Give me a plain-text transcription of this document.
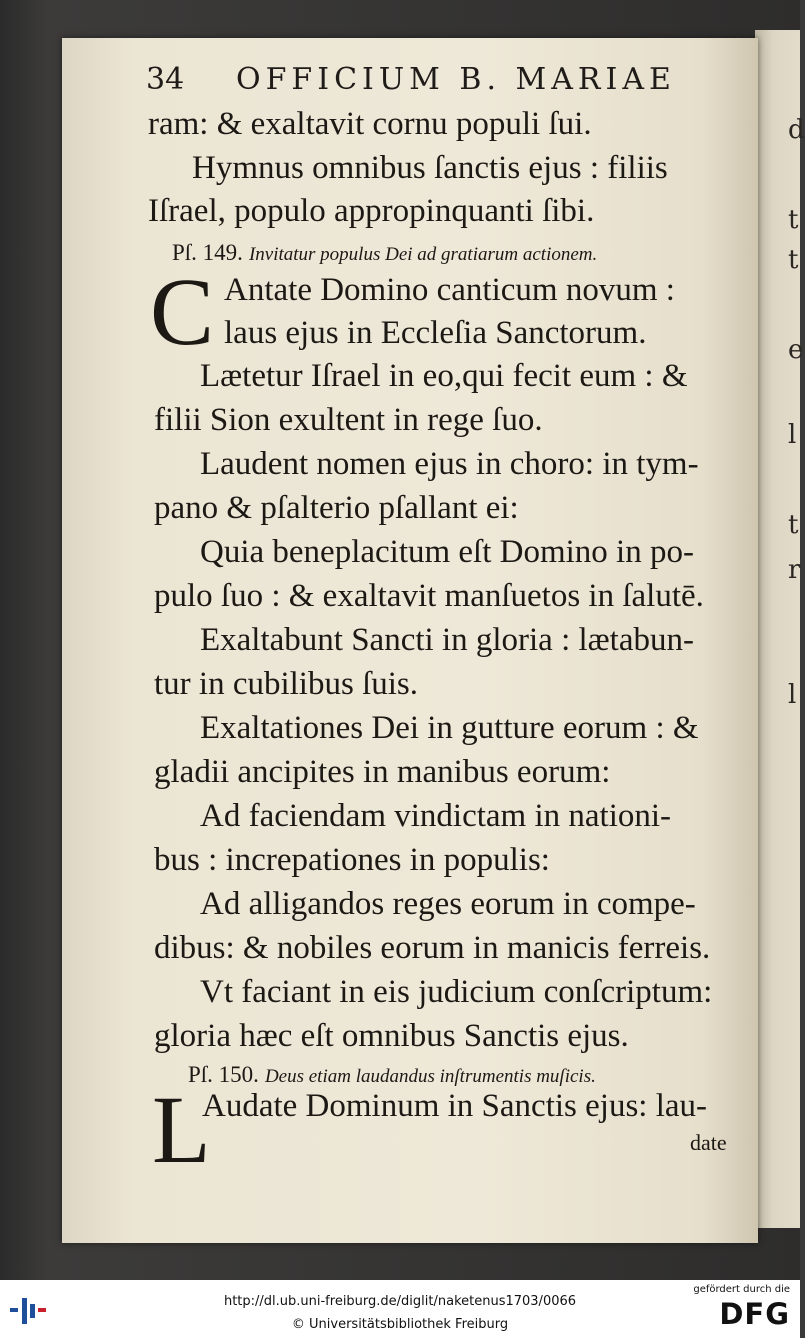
d
t
t
e
l
t
r
l
34 OFFICIUM B. MARIAE
ram: & exaltavit cornu populi ſui.
Hymnus omnibus ſanctis ejus : filiis
Iſrael, populo appropinquanti ſibi.
Pſ. 149. Invitatur populus Dei ad gratiarum actionem.
C Antate Domino canticum novum :
laus ejus in Eccleſia Sanctorum.
Lætetur Iſrael in eo,qui fecit eum : &
filii Sion exultent in rege ſuo.
Laudent nomen ejus in choro: in tym-
pano & pſalterio pſallant ei:
Quia beneplacitum eſt Domino in po-
pulo ſuo : & exaltavit manſuetos in ſalutē.
Exaltabunt Sancti in gloria : lætabun-
tur in cubilibus ſuis.
Exaltationes Dei in gutture eorum : &
gladii ancipites in manibus eorum:
Ad faciendam vindictam in nationi-
bus : increpationes in populis:
Ad alligandos reges eorum in compe-
dibus: & nobiles eorum in manicis ferreis.
Vt faciant in eis judicium conſcriptum:
gloria hæc eſt omnibus Sanctis ejus.
Pſ. 150. Deus etiam laudandus inſtrumentis muſicis.
L
Audate Dominum in Sanctis ejus: lau-
date
http://dl.ub.uni-freiburg.de/diglit/naketenus1703/0066
© Universitätsbibliothek Freiburg
gefördert durch die
DFG
